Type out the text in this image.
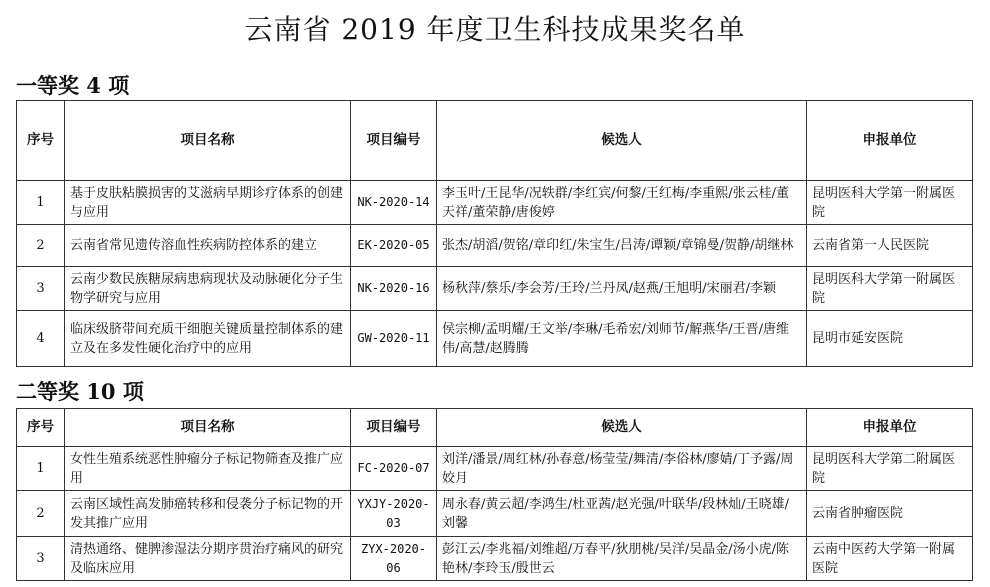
云南省 2019 年度卫生科技成果奖名单
一等奖 4 项
序号	项目名称	项目编号	候选人	申报单位
1	基于皮肤粘膜损害的艾滋病早期诊疗体系的创建与应用	NK-2020-14	李玉叶/王昆华/况轶群/李红宾/何黎/王红梅/李重熙/张云桂/董天祥/董荣静/唐俊婷	昆明医科大学第一附属医院
2	云南省常见遗传溶血性疾病防控体系的建立	EK-2020-05	张杰/胡滔/贺铭/章印红/朱宝生/吕涛/谭颖/章锦曼/贺静/胡继林	云南省第一人民医院
3	云南少数民族糖尿病患病现状及动脉硬化分子生物学研究与应用	NK-2020-16	杨秋萍/蔡乐/李会芳/王玲/兰丹凤/赵燕/王旭明/宋丽君/李颖	昆明医科大学第一附属医院
4	临床级脐带间充质干细胞关键质量控制体系的建立及在多发性硬化治疗中的应用	GW-2020-11	侯宗柳/孟明耀/王文举/李琳/毛希宏/刘师节/解燕华/王晋/唐维伟/高慧/赵腾腾	昆明市延安医院
二等奖 10 项
序号	项目名称	项目编号	候选人	申报单位
1	女性生殖系统恶性肿瘤分子标记物筛查及推广应用	FC-2020-07	刘洋/潘景/周红林/孙春意/杨莹莹/舞清/李俗林/廖婧/丁予露/周姣月	昆明医科大学第二附属医院
2	云南区域性高发肺癌转移和侵袭分子标记物的开发其推广应用	YXJY-2020-03	周永春/黄云超/李鸿生/杜亚茜/赵光强/叶联华/段林灿/王晓雄/刘馨	云南省肿瘤医院
3	清热通络、健脾渗湿法分期序贯治疗痛风的研究及临床应用	ZYX-2020-06	彭江云/李兆福/刘维超/万春平/狄朋桃/吴洋/吴晶金/汤小虎/陈艳林/李玲玉/殷世云	云南中医药大学第一附属医院
